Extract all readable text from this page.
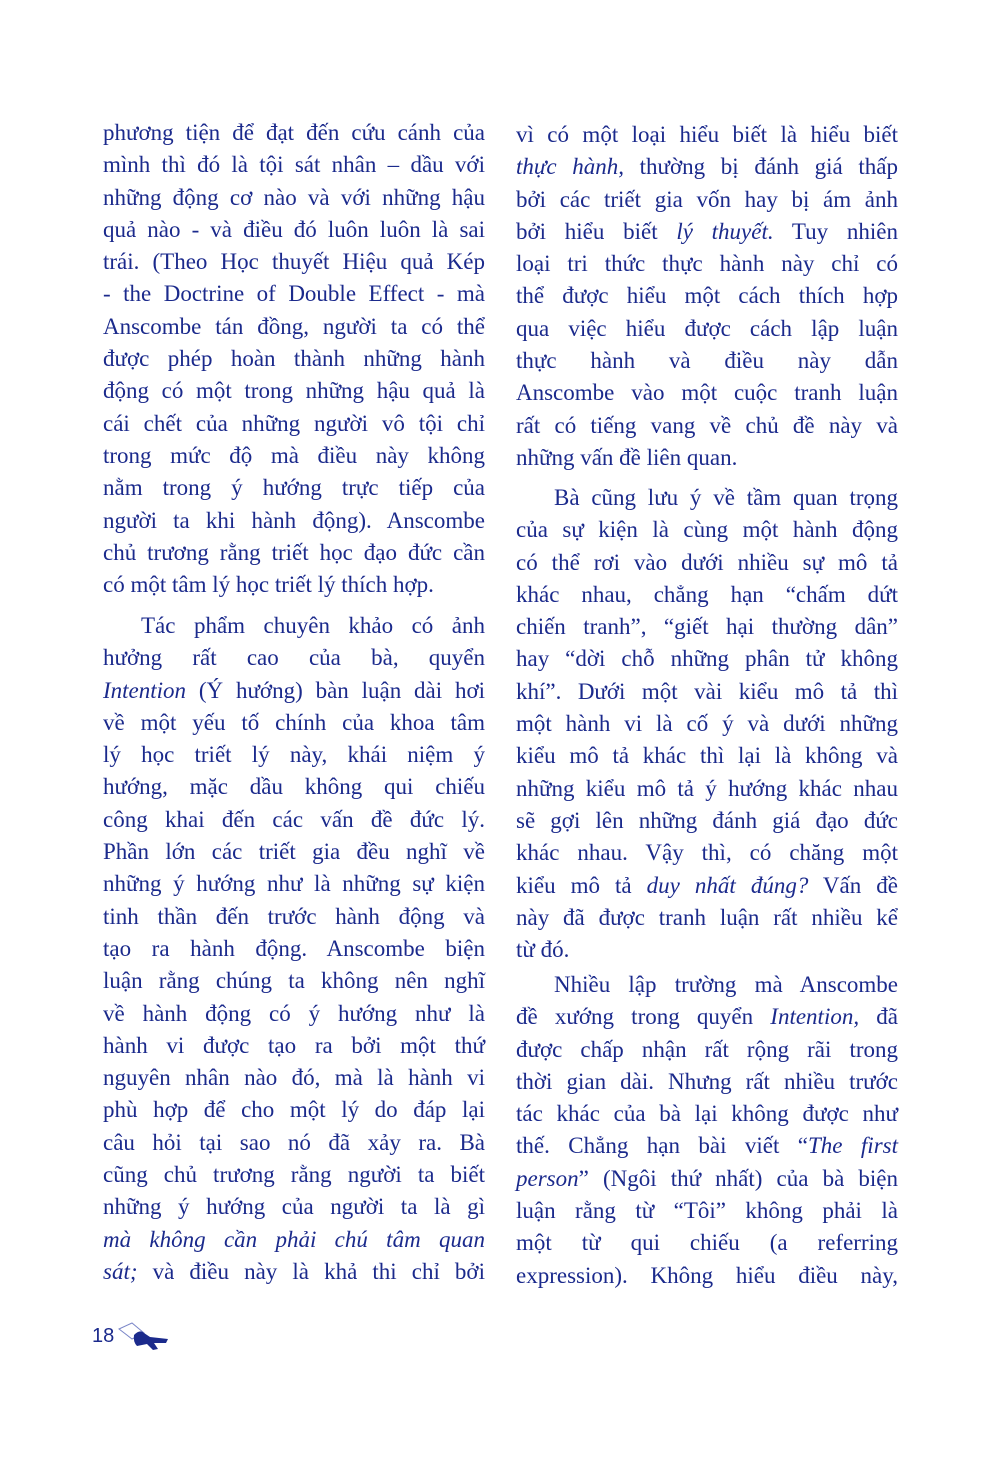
phương tiện để đạt đến cứu cánh của
mình thì đó là tội sát nhân – dầu với
những động cơ nào và với những hậu
quả nào - và điều đó luôn luôn là sai
trái. (Theo Học thuyết Hiệu quả Kép
- the Doctrine of Double Effect - mà
Anscombe tán đồng, người ta có thể
được phép hoàn thành những hành
động có một trong những hậu quả là
cái chết của những người vô tội chỉ
trong mức độ mà điều này không
nằm trong ý hướng trực tiếp của
người ta khi hành động). Anscombe
chủ trương rằng triết học đạo đức cần
có một tâm lý học triết lý thích hợp.
Tác phẩm chuyên khảo có ảnh
hưởng rất cao của bà, quyển
Intention (Ý hướng) bàn luận dài hơi
về một yếu tố chính của khoa tâm
lý học triết lý này, khái niệm ý
hướng, mặc dầu không qui chiếu
công khai đến các vấn đề đức lý.
Phần lớn các triết gia đều nghĩ về
những ý hướng như là những sự kiện
tinh thần đến trước hành động và
tạo ra hành động. Anscombe biện
luận rằng chúng ta không nên nghĩ
về hành động có ý hướng như là
hành vi được tạo ra bởi một thứ
nguyên nhân nào đó, mà là hành vi
phù hợp để cho một lý do đáp lại
câu hỏi tại sao nó đã xảy ra. Bà
cũng chủ trương rằng người ta biết
những ý hướng của người ta là gì
mà không cần phải chú tâm quan
sát; và điều này là khả thi chỉ bởi
vì có một loại hiểu biết là hiểu biết
thực hành, thường bị đánh giá thấp
bởi các triết gia vốn hay bị ám ảnh
bởi hiểu biết lý thuyết. Tuy nhiên
loại tri thức thực hành này chỉ có
thể được hiểu một cách thích hợp
qua việc hiểu được cách lập luận
thực hành và điều này dẫn
Anscombe vào một cuộc tranh luận
rất có tiếng vang về chủ đề này và
những vấn đề liên quan.
Bà cũng lưu ý về tầm quan trọng
của sự kiện là cùng một hành động
có thể rơi vào dưới nhiều sự mô tả
khác nhau, chẳng hạn “chấm dứt
chiến tranh”, “giết hại thường dân”
hay “dời chỗ những phân tử không
khí”. Dưới một vài kiểu mô tả thì
một hành vi là cố ý và dưới những
kiểu mô tả khác thì lại là không và
những kiểu mô tả ý hướng khác nhau
sẽ gợi lên những đánh giá đạo đức
khác nhau. Vậy thì, có chăng một
kiểu mô tả duy nhất đúng? Vấn đề
này đã được tranh luận rất nhiều kể
từ đó.
Nhiều lập trường mà Anscombe
đề xướng trong quyển Intention, đã
được chấp nhận rất rộng rãi trong
thời gian dài. Nhưng rất nhiều trước
tác khác của bà lại không được như
thế. Chẳng hạn bài viết “The first
person” (Ngôi thứ nhất) của bà biện
luận rằng từ “Tôi” không phải là
một từ qui chiếu (a referring
expression). Không hiểu điều này,
18
